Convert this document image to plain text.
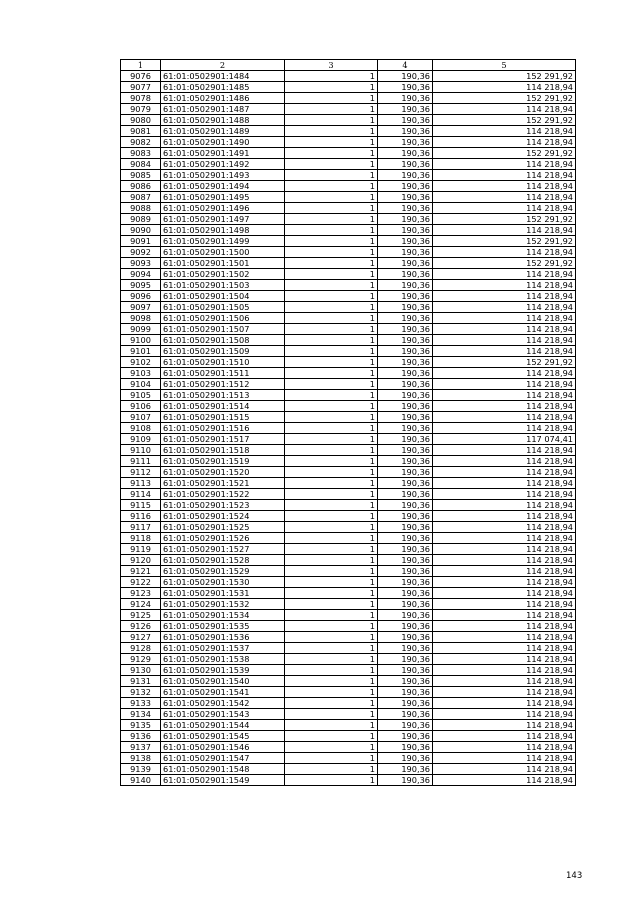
1	2	3	4	5
9076	61:01:0502901:1484	1	190,36	152 291,92
9077	61:01:0502901:1485	1	190,36	114 218,94
9078	61:01:0502901:1486	1	190,36	152 291,92
9079	61:01:0502901:1487	1	190,36	114 218,94
9080	61:01:0502901:1488	1	190,36	152 291,92
9081	61:01:0502901:1489	1	190,36	114 218,94
9082	61:01:0502901:1490	1	190,36	114 218,94
9083	61:01:0502901:1491	1	190,36	152 291,92
9084	61:01:0502901:1492	1	190,36	114 218,94
9085	61:01:0502901:1493	1	190,36	114 218,94
9086	61:01:0502901:1494	1	190,36	114 218,94
9087	61:01:0502901:1495	1	190,36	114 218,94
9088	61:01:0502901:1496	1	190,36	114 218,94
9089	61:01:0502901:1497	1	190,36	152 291,92
9090	61:01:0502901:1498	1	190,36	114 218,94
9091	61:01:0502901:1499	1	190,36	152 291,92
9092	61:01:0502901:1500	1	190,36	114 218,94
9093	61:01:0502901:1501	1	190,36	152 291,92
9094	61:01:0502901:1502	1	190,36	114 218,94
9095	61:01:0502901:1503	1	190,36	114 218,94
9096	61:01:0502901:1504	1	190,36	114 218,94
9097	61:01:0502901:1505	1	190,36	114 218,94
9098	61:01:0502901:1506	1	190,36	114 218,94
9099	61:01:0502901:1507	1	190,36	114 218,94
9100	61:01:0502901:1508	1	190,36	114 218,94
9101	61:01:0502901:1509	1	190,36	114 218,94
9102	61:01:0502901:1510	1	190,36	152 291,92
9103	61:01:0502901:1511	1	190,36	114 218,94
9104	61:01:0502901:1512	1	190,36	114 218,94
9105	61:01:0502901:1513	1	190,36	114 218,94
9106	61:01:0502901:1514	1	190,36	114 218,94
9107	61:01:0502901:1515	1	190,36	114 218,94
9108	61:01:0502901:1516	1	190,36	114 218,94
9109	61:01:0502901:1517	1	190,36	117 074,41
9110	61:01:0502901:1518	1	190,36	114 218,94
9111	61:01:0502901:1519	1	190,36	114 218,94
9112	61:01:0502901:1520	1	190,36	114 218,94
9113	61:01:0502901:1521	1	190,36	114 218,94
9114	61:01:0502901:1522	1	190,36	114 218,94
9115	61:01:0502901:1523	1	190,36	114 218,94
9116	61:01:0502901:1524	1	190,36	114 218,94
9117	61:01:0502901:1525	1	190,36	114 218,94
9118	61:01:0502901:1526	1	190,36	114 218,94
9119	61:01:0502901:1527	1	190,36	114 218,94
9120	61:01:0502901:1528	1	190,36	114 218,94
9121	61:01:0502901:1529	1	190,36	114 218,94
9122	61:01:0502901:1530	1	190,36	114 218,94
9123	61:01:0502901:1531	1	190,36	114 218,94
9124	61:01:0502901:1532	1	190,36	114 218,94
9125	61:01:0502901:1534	1	190,36	114 218,94
9126	61:01:0502901:1535	1	190,36	114 218,94
9127	61:01:0502901:1536	1	190,36	114 218,94
9128	61:01:0502901:1537	1	190,36	114 218,94
9129	61:01:0502901:1538	1	190,36	114 218,94
9130	61:01:0502901:1539	1	190,36	114 218,94
9131	61:01:0502901:1540	1	190,36	114 218,94
9132	61:01:0502901:1541	1	190,36	114 218,94
9133	61:01:0502901:1542	1	190,36	114 218,94
9134	61:01:0502901:1543	1	190,36	114 218,94
9135	61:01:0502901:1544	1	190,36	114 218,94
9136	61:01:0502901:1545	1	190,36	114 218,94
9137	61:01:0502901:1546	1	190,36	114 218,94
9138	61:01:0502901:1547	1	190,36	114 218,94
9139	61:01:0502901:1548	1	190,36	114 218,94
9140	61:01:0502901:1549	1	190,36	114 218,94
143
